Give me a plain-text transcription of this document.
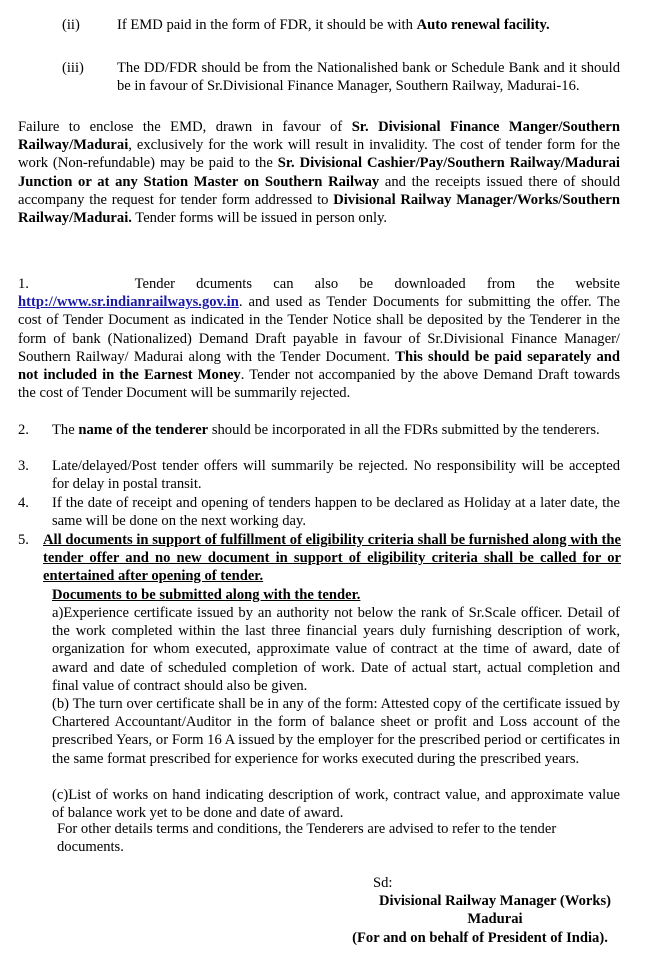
(ii)	If EMD paid in the form of FDR, it should be with Auto renewal facility.
(iii) The DD/FDR should be from the Nationalished bank or Schedule Bank and it should be in favour of Sr.Divisional Finance Manager, Southern Railway, Madurai-16.
Failure to enclose the EMD, drawn in favour of Sr. Divisional Finance Manger/Southern Railway/Madurai, exclusively for the work will result in invalidity. The cost of tender form for the work (Non-refundable) may be paid to the Sr. Divisional Cashier/Pay/Southern Railway/Madurai Junction or at any Station Master on Southern Railway and the receipts issued there of should accompany the request for tender form addressed to Divisional Railway Manager/Works/Southern Railway/Madurai. Tender forms will be issued in person only.

1.	Tender dcuments can also be downloaded from the website

http://www.sr.indianrailways.gov.in. and used as Tender Documents for submitting the offer. The cost of Tender Document as indicated in the Tender Notice shall be deposited by the Tenderer in the form of bank (Nationalized) Demand Draft payable in favour of Sr.Divisional Finance Manager/ Southern Railway/ Madurai along with the Tender Document. This should be paid separately and not included in the Earnest Money. Tender not accompanied by the above Demand Draft towards the cost of Tender Document will be summarily rejected.

2. The name of the tenderer should be incorporated in all the FDRs submitted by the tenderers.
3. Late/delayed/Post tender offers will summarily be rejected. No responsibility will be accepted for delay in postal transit.
4. If the date of receipt and opening of tenders happen to be declared as Holiday at a later date, the same will be done on the next working day.
5. All documents in support of fulfillment of eligibility criteria shall be furnished along with the tender offer and no new document in support of eligibility criteria shall be called for or entertained after opening of tender.
Documents to be submitted along with the tender.
a)Experience certificate issued by an authority not below the rank of Sr.Scale officer. Detail of the work completed within the last three financial years duly furnishing description of work, organization for whom executed, approximate value of contract at the time of award, date of award and date of scheduled completion of work. Date of actual start, actual completion and final value of contract should also be given.
(b) The turn over certificate shall be in any of the form: Attested copy of the certificate issued by Chartered Accountant/Auditor in the form of balance sheet or profit and Loss account of the prescribed Years, or Form 16 A issued by the employer for the prescribed period or certificates in the same format prescribed for experience for works executed during the prescribed years.
(c)List of works on hand indicating description of work, contract value, and approximate value of balance work yet to be done and date of award.
For other details terms and conditions, the Tenderers are advised to refer to the tender documents.
Sd:
Divisional Railway Manager (Works)
Madurai
(For and on behalf of President of India).
